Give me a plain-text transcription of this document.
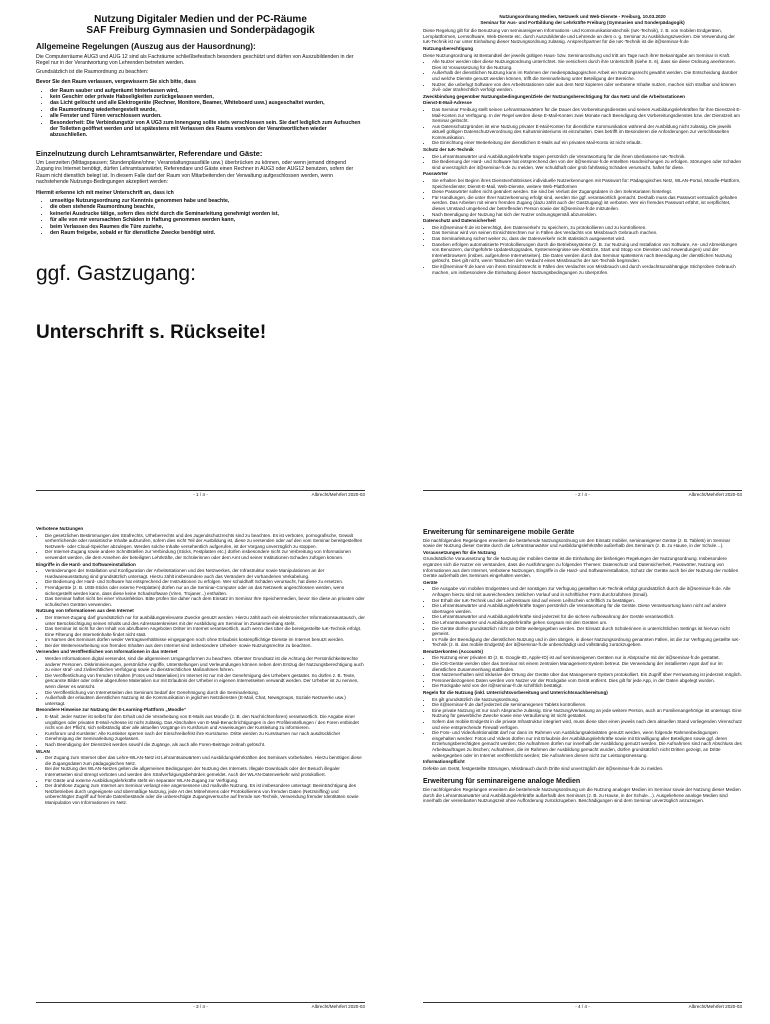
Nutzung Digitaler Medien und der PC-Räume
SAF Freiburg Gymnasien und Sonderpädagogik
Allgemeine Regelungen (Auszug aus der Hausordnung):

Die Computerräume AUG3 und AUG 12 sind als Fachräume schließbefestisch besonders geschützt und dürfen von Auszubildenden in der Regel nur in der Verantwortung von Lehrenden betreten werden.

Grundsätzlich ist die Raumordnung zu beachten:

Bevor Sie den Raum verlassen, vergewissern Sie sich bitte, dass

• der Raum sauber und aufgeräumt hinterlassen wird,
• kein Geschirr oder private Habseligkeiten zurückgelassen werden,
• das Licht gelöscht und alle Elektrogeräte (Rechner, Monitore, Beamer, Whiteboard usw.) ausgeschaltet wurden,
• die Raumordnung wiederhergestellt wurde,
• alle Fenster und Türen verschlossen wurden.
• Besonderheit: Die Verbindungstür von A UG3 zum Innengang sollte stets verschlossen sein. Sie darf lediglich zum Aufsuchen der Toiletten geöffnet werden und ist spätestens mit Verlassen des Raums vom/von der Verantwortlichen wieder abzuschließen.
Einzelnutzung durch Lehramtsanwärter, Referendare und Gäste:

Um Leerzeiten (Mittagspausen; Stundenpläne/ohne; Veranstaltungsausfälle usw.) überbrücken zu können, oder wenn jemand dringend Zugang ins Internet benötigt, dürfen Lehramtsanwärter, Referendare und Gäste einen Rechner in AUG3 oder AUG12 benutzen, sofern der Raum nicht dienstlich belegt ist. In diesem Falle darf der Raum von Mitarbeitenden der Verwaltung aufgeschlossen werden, wenn nachstehende Nutzungs-Bedingungen akzeptiert werden:

Hiermit erkenne ich mit meiner Unterschrift an, dass ich

• umseitige Nutzungsordnung zur Kenntnis genommen habe und beachte,
• die oben stehende Raumordnung beachte,
• keinerlei Ausdrucke tätige, sofern dies nicht durch die Seminarleitung genehmigt worden ist,
• für alle von mir verursachten Schäden in Haftung genommen werden kann,
• beim Verlassen des Raumes die Türe zuziehe,
• den Raum freigebe, sobald er für dienstliche Zwecke benötigt wird.
ggf. Gastzugang:
Unterschrift s. Rückseite!
- 1 / 4 -	Albrecht/Mehrfert 2020-03
Nutzungsordnung Medien, Netzwerk und Web-Dienste - Freiburg, 10.03.2020
Seminar für Aus- und Fortbildung der Lehrkräfte Freiburg (Gymnasien und Sonderpädagogik)

Diese Regelung gilt für die Benutzung von seminareigenen Informations- und Kommunikationstechnik (IuK-Technik), z. B. von mobilen Endgeräten, Lernplattformen, Lernsoftware, Web-Dienste etc. durch Auszubildende und Lehrende an dem o. g. Seminar zu Ausbildungszwecken. Die Verwendung der IuK-Technik ist nur unter Einhaltung dieser Nutzungsordnung zulässig. Ansprechpartner für die IuK-Technik ist die it@seminar-fr.de

Nutzungsberechtigung

Diese Nutzungsordnung ist Bestandteil der jeweils gültigen Haus- bzw. Seminarordnung und tritt am Tage nach ihrer Bekanntgabe am Seminar in Kraft.

• Alle Nutzer werden über diese Nutzungsordnung unterrichtet. Sie versichern durch ihre Unterschrift (siehe S. 6), dass sie diese Ordnung anerkennen. Dies ist Voraussetzung für die Nutzung.
• Außerhalb der dienstlichen Nutzung kann im Rahmen der medienpädagogischen Arbeit ein Nutzungsrecht gewährt werden. Die Entscheidung darüber und welche Dienste genutzt werden können, trifft die Seminarleitung unter Beteiligung der Bereiche.
• Nutzer, die unbefugt Software von den Arbeitsstationen oder aus dem Netz kopieren oder verbotene Inhalte nutzen, machen sich strafbar und können zivil- oder strafrechtlich verfolgt werden.

Zweckbindung gegenüber Nutzungsbedingungen/Ziele der Nutzungsberechtigung für das Netz und die Arbeitsstationen

Dienst-E-Mail-Adresse

• Das Seminar Freiburg stellt seinen Lehramtsanwärtern für die Dauer des Vorbereitungsdienstes und seinen Ausbildungslehrkräften für ihre Dienstzeit E-Mail-Konten zur Verfügung. In der Regel werden diese E-Mail-Konten zwei Monate nach Beendigung des Vorbereitungsdienstes bzw. der Dienstzeit am Seminar gelöscht.
• Aus Datenschutzgründen ist eine Nutzung privater E-Mail-Konten für dienstliche Kommunikation während der Ausbildung nicht zulässig. Die jeweils aktuell gültigen Datenschutzverordnung des Kultusministeriums ist einzuhalten. Dies betrifft im Besonderen die Anforderungen zur verschlüsselten Kommunikation.
• Die Einrichtung einer Weiterleitung der dienstlichen E-Mails auf ein privates Mail-Konto ist nicht erlaubt.

Schutz der IuK-Technik

• Die Lehramtsanwärter und Ausbildungslehrkräfte tragen persönlich die Verantwortung für die ihnen überlassene IuK-Technik.
• Die Bedienung der Hard- und Software hat entsprechend den von der it@seminar-fr.de erstellten Handreichungen zu erfolgen. Störungen oder Schäden sind unverzüglich der it@seminar-fr.de zu melden. Wer schuldhaft oder grob fahrlässig Schäden verursacht, haftet für diese.

Passwörter

• Sie erhalten bei Beginn ihres Dienstverhältnisses individuelle Nutzerkennungen mit Passwort für: Pädagogisches Netz, WLAN-Portal, Moodle-Plattform, Speicherdienste; Dienst-E-Mail, Web-Dienste, weitere Web-Plattformen
• Diese Passwörter sollen nicht geändert werden. Sie sind bei Verlust der Zugangsdaten in den Sekretariaten hinterlegt.
• Für Handlungen, die unter Ihrer Nutzerkennung erfolgt sind, werden Sie ggf. verantwortlich gemacht. Deshalb muss das Passwort vertraulich gehalten werden. Das Arbeiten mit einem fremden Zugang (dazu zählt auch der Gastzugang) ist verboten. Wer ein fremdes Passwort erfährt, ist verpflichtet, dieses Umstand umgehend der betreffenden Person sowie der it@seminar-fr.de mitzuteilen.
• Nach Beendigung der Nutzung hat sich der Nutzer ordnungsgemäß abzumelden.

Datenschutz und Datensicherheit

• Die it@seminar-fr.de ist berechtigt, den Datenverkehr zu speichern, zu protokollieren und zu kontrollieren.
• Das Seminar wird von seinen Einsichtsrechten nur in Fällen des Verdachts von Missbrauch Gebrauch machen.
• Das Seminarleitung sichert weiter zu, dass der Datenverkehr nicht statistisch ausgewertet wird.
• Daneben erfolgen automatisierte Protokollierungen durch die Betriebssysteme (z. B. zur Nutzung und Installation von Software, An- und Abmeldungen von Benutzern, durchgeführte Updates/Upgrades, Systemereignisse wie Abstürze, Start und Stopp von Diensten und Anwendungen) und der Internetbrowsern (insbes. aufgerufene Internetseiten). Die Daten werden durch das Seminar spätestens nach Beendigung der dienstlichen Nutzung gelöscht. Dies gilt nicht, wenn Tatsachen den Verdacht eines Missbrauchs der IuK-Technik begründen.
• Die it@seminar-fr.de kann von ihrem Einsichtsrecht in Fällen des Verdachts von Missbrauch und durch verdachtsunabhängige Stichproben Gebrauch machen, um insbesondere die Einhaltung dieser Nutzungsbedingungen zu überprüfen.
- 2 / 4 -	Albrecht/Mehrfert 2020-03

Verbotene Nutzungen

• Die gesetzlichen Bestimmungen des Strafrechts, Urheberrechts und des Jugendschutzrechts sind zu beachten. Es ist verboten, pornografische, Gewalt verherrlichende oder rassistische Inhalte aufzurufen, sofern dies nicht Teil der Ausbildung ist, diese zu versenden oder auf den vom Seminar bereitgestellten Netzwerk- oder Cloud-Speicher abzulegen. Werden solche Inhalte versehentlich aufgerufen, ist der Vorgang unverzüglich zu stoppen.
• Der Internet-Zugang sowie andere Schnittstellen zur Verbindung (Sticks, Festplatten etc.) dürfen insbesondere nicht zur Verbreitung von Informationen verwendet werden, die dem Ansehen der beteiligten Lehrkräfte, der Schülerinnen oder dem Amt und seiner Institutionen Schaden zufügen können.

Eingriffe in die Hard- und Softwareinstallation

• Veränderungen der Installation und Konfiguration der Arbeitsstationen und des Netzwerkes, der Infrastruktur sowie Manipulationen an der Hardwareausstattung sind grundsätzlich untersagt. Hierzu zählt insbesondere auch das Verändern der vorhandenen Verkabelung.
• Die Bedienung der Hard- und Software hat entsprechend der Instruktionen zu erfolgen. Wer schuldhaft Schäden verursacht, hat diese zu ersetzen.
• Fremdgeräte (z. B. USB-Sticks oder externe Festplatten) dürfen nur an die Seminar-Computer oder an das Netzwerk angeschlossen werden, wenn sichergestellt werden kann, dass diese keine Schadsoftware (Viren, Trojaner...) enthalten.
• Das Seminar haftet nicht bei einer Virusinfektion. Bitte prüfen Sie daher nach dem Einsatz im Seminar Ihre Speichermedien, bevor Sie diese an privaten oder schulischen Geräten verwenden.

Nutzung von Informationen aus dem Internet

• Der Internet-Zugang darf grundsätzlich nur für ausbildungsrelevante Zwecke genutzt werden. Hierzu zählt auch ein elektronischer Informationsaustausch, der unter Berücksichtigung seines Inhalts und des Adressatenkreises mit der Ausbildung am Seminar im Zusammenhang steht.
• Das Seminar ist nicht für den Inhalt von abrufbaren Angeboten Dritter im Internet verantwortlich, auch wenn dies über die bereitgestellte IuK-Technik erfolgt. Eine Filterung der Internetinhalte findet nicht statt.
• Im Namen des Seminars dürfen weder Vertragsverhältnisse eingegangen noch ohne Erlaubnis kostenpflichtige Dienste im Internet benutzt werden.
• Bei der Weiterverarbeitung von fremden Inhalten aus dem Internet sind insbesondere Urheber- sowie Nutzungsrechte zu beachten.

Versenden und Veröffentlichen von Informationen in das Internet

• Werden Informationen digital versendet, sind die allgemeinen Umgangsformen zu beachten. Oberster Grundsatz ist die Achtung der Persönlichkeitsrechte anderer Personen. Diskriminierungen, persönliche Angriffe, Unterstellungen und Verleumdungen können neben dem Entzug der Nutzungsberechtigung auch zu einer straf- und zivilrechtlichen Verfolgung sowie zu dienstrechtlichen Maßnahmen führen.
• Die Veröffentlichung von fremden Inhalten (Fotos und Materialien) im Internet ist nur mit der Genehmigung des Urhebers gestattet. So dürfen z. B. Texte, gescannte Bilder oder online abgerufene Materialien nur mit Erlaubnis der Urheber in eigenen Internetseiten verwandt werden. Der Urheber ist zu nennen, wenn dieser es wünscht.
• Die Veröffentlichung von Internetseiten des Seminars bedarf der Genehmigung durch die Seminarleitung.
• Außerhalb der erlaubten dienstlichen Nutzung ist die Kommunikation in jeglichen Netzdiensten (E-Mail, Chat, Newsgroups, Soziale Netzwerke usw.) untersagt.

Besondere Hinweise zur Nutzung der E-Learning-Plattform „Moodle“

• E-Mail: Jeder Nutzer ist selbst für den Erhalt und die Verarbeitung von E-Mails aus Moodle (z. B. den Nachrichtenforen) verantwortlich. Die Angabe einer ungültigen oder privaten E-Mail-Adresse ist nicht zulässig. Das Abschalten von E-Mail-Benachrichtigungen in den Profileinstellungen / den Foren entbindet nicht von der Pflicht, sich selbständig über alle aktuellen Vorgänge im Kursforum und Anweisungen der Kursleitung zu informieren.
• Kursforum und Kursleiter: Alle Kursleiter sperren nach der Einschreibefrist ihre Kursräume. Dritte werden zu Kursräumen nur nach ausdrücklicher Genehmigung der Seminarleitung zugelassen.
• Nach Beendigung der Dienstzeit werden sowohl die Zugänge, als auch alle Foren-Beiträge zeitnah gelöscht.

WLAN

• Der Zugang zum Internet über das Lehre-WLAN-Netz ist Lehramtsanwärtern und Ausbildungslehrkräften des Seminars vorbehalten. Hierzu benötigen diese die Zugangsdaten zum pädagogischen Netz.
• Bei der Nutzung des WLAN-Netzes gelten die allgemeinen Bedingungen der Nutzung des Internets. Illegale Downloads oder der Besuch illegaler Internetseiten sind strengt verboten und werden den Strafverfolgungsbehörden gemeldet. Auch der WLAN-Datenverkehr wird protokolliert.
• Für Gäste und externe Ausbildungslehrkräfte steht ein separater WLAN-Zugang zur Verfügung.
• Der drahtlose Zugang zum Internet am Seminar verlangt eine angemessene und maßvolle Nutzung. Es ist insbesondere untersagt: Beeinträchtigung des Netzbetriebes durch ungeeignete und übermäßige Nutzung, jede Art des Mitnehmens oder Protokollierens von fremden Daten (Netzsniffing) und unberechtigter Zugriff auf fremde Datenbestände oder die unberechtigte Zugangsversuche auf fremde IuK-Technik, Verwendung fremder Identitäten sowie Manipulation von Informationen im Netz.
- 3 / 4 -	Albrecht/Mehrfert 2020-03
Erweiterung für seminareigene mobile Geräte

Die nachfolgenden Regelungen erweitern die bestehende Nutzungsordnung um den Einsatz mobiler, seminareigener Geräte (z. B. Tablets) im Seminar sowie der Nutzung dieser Geräte durch die Lehramtsanwärter und Ausbildungslehrkräfte außerhalb des Seminars (z. B. zu Hause, in der Schule…).

Voraussetzungen für die Nutzung

Grundsätzliche Voraussetzung für die Nutzung der mobilen Geräte ist die Einhaltung der bisherigen Regelungen der Nutzungsordnung. Insbesondere ergänzen sich die Nutzer ein verstanden, dass die Ausführungen zu folgenden Themen: Datenschutz und Datensicherheit, Passwörter, Nutzung von Informationen aus dem Internet, Verbotene Nutzungen, Eingriffe in die Hard- und Softwareinstallation, Schutz der Geräte auch bei der Nutzung der mobilen Geräte außerhalb des Seminars eingehalten werden.

Geräte

• Die Ausgabe von mobilen Endgeräten und der sonstigen zur Verfügung gestellten IuK-Technik erfolgt grundsätzlich durch die it@seminar-fr.de. Alle Anfragen hierzu sind mit ausreichendem zeitlichen Vorlauf und in schriftlicher Form durchzuführen (Email).
• Der Erhalt der IuK-Technik und der Leihzeitraum sind auf einem Leihschein schriftlich zu bestätigen.
• Die Lehramtsanwärter und Ausbildungslehrkräfte tragen persönlich die Verantwortung für die Geräte. Diese Verantwortung kann nicht auf andere übertragen werden.
• Die Lehramtsanwärter und Ausbildungslehrkräfte sind jederzeit für die sichere Aufbewahrung der Geräte verantwortlich.
• Die Lehramtsanwärter und Ausbildungslehrkräfte gehen sorgsam mit den Geräten um.
• Die Geräte dürfen grundsätzlich nicht an Dritte weitergegeben werden. Der Einsatz durch Schülerinnen in unterrichtlichen Settings ist hiervon nicht gemeint.
• Im Falle der Beendigung der dienstlichen Nutzung und in den übrigen, in dieser Nutzungsordnung genannten Fällen, ist die zur Verfügung gestellte IuK-Technik (z. B. das mobile Endgerät) der it@seminar-fr.de unbeschädigt und vollständig zurückzugeben.

Benutzerkonten (Accounts)

• Die Nutzung einer privaten ID (z. B. Google-ID, Apple-ID) ist auf seminareigenen Geräten nur in Absprache mit der it@seminar-fr.de gestattet.
• Die iOS-Geräte werden über das Seminar mit einem zentralen Management-System betreut. Die Verwendung der installierten Apps darf nur im dienstlichen Zusammenhang stattfinden.
• Das Nutzerverhalten wird inklusive der Ortung der Geräte über das Management-System protokolliert. Ein Zugriff über Fernwartung ist jederzeit möglich.
• Personenbezogenen Daten werden vom Nutzer vor der Rückgabe vom Gerät entfernt. Dies gilt für jede App, in der Daten abgelegt wurden.
• Die Rückgabe wird von der it@seminar-fr.de schriftlich bestätigt.

Regeln für die Nutzung (inkl. Unterrichtsvorbereitung und Unterrichtsnachbereitung)

• Es gilt grundsätzlich die Nutzungsordnung.
• Die it@seminar-fr.de darf jederzeit die seminareigenen Tablets kontrollieren.
• Eine private Nutzung ist nur nach Absprache zulässig. Eine Nutzung/Verlassung an jede weitere Person, auch an Familienangehörige ist untersagt. Eine Nutzung für gewerbliche Zwecke sowie eine Veräußerung ist nicht gestattet.
• Sofern das mobile Endgerät in die private Infrastruktur integriert wird, muss diese über einen jeweils nach dem aktuellen Stand vorliegenden Virenschutz und eine entsprechende Firewall verfügen.
• Die Foto- und Videofunktionalität darf nur dann im Rahmen von Ausbildungsaktivitäten genutzt werden, wenn folgende Rahmenbedingungen eingehalten werden: Fotos und Videos dürfen nur mit Erlaubnis der Ausbildungslehrkräfte sowie mit Einwilligung aller Beteiligten sowie ggf. deren Erziehungsberechtigten gemacht werden; Die Aufnahmen dürfen nur innerhalb der Ausbildung genutzt werden. Die Aufnahmen sind nach Abschluss des Arbeitsauftrages zu löschen; Aufnahmen, die im Rahmen der Ausbildung gemacht wurden, dürfen grundsätzlich nicht Dritten gezeigt, an Dritte weitergegeben oder im Internet veröffentlicht werden; Die Aufnahmen dienen nicht zur Leistungsmessung.

Informationspflicht

Defekte am Gerät, festgestellte Störungen, Missbrauch durch Dritte sind unverzüglich der it@seminar-fr.de zu melden.

Erweiterung für seminareigene analoge Medien

Die nachfolgenden Regelungen erweitern die bestehende Nutzungsordnung um die Nutzung analoger Medien im Seminar sowie der Nutzung dieser Medien durch die Lehramtsanwärter und Ausbildungslehrkräfte außerhalb des Seminars (z. B. zu Hause, in der Schule…). Ausgeliehene analoge Medien sind innerhalb der vereinbarten Nutzungszeit ohne Aufforderung zurückzugeben. Beschädigungen sind dem Seminar unverzüglich anzuzeigen.

- 4 / 4 -	Albrecht/Mehrfert 2020-03
